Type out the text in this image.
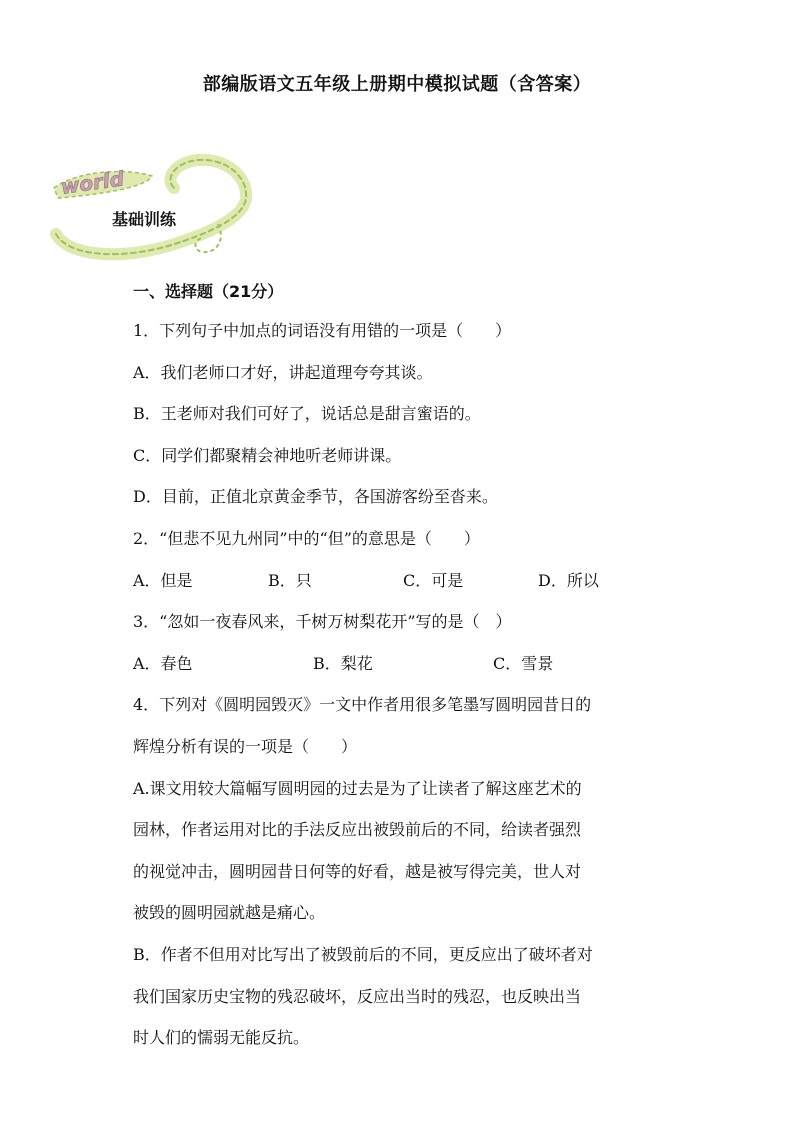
部编版语文五年级上册期中模拟试题（含答案）
world
基础训练
一、选择题（21分）
1．下列句子中加点的词语没有用错的一项是（　　）
A．我们老师口才好，讲起道理夸夸其谈。
B．王老师对我们可好了，说话总是甜言蜜语的。
C．同学们都聚精会神地听老师讲课。
D．目前，正值北京黄金季节，各国游客纷至沓来。
2．“但悲不见九州同”中的“但”的意思是（　　）
A．但是	B．只	C．可是	D．所以
3．“忽如一夜春风来，千树万树梨花开”写的是（　）
A．春色	B．梨花	C．雪景
4．下列对《圆明园毁灭》一文中作者用很多笔墨写圆明园昔日的
辉煌分析有误的一项是（　　）
A.课文用较大篇幅写圆明园的过去是为了让读者了解这座艺术的
园林，作者运用对比的手法反应出被毁前后的不同，给读者强烈
的视觉冲击，圆明园昔日何等的好看，越是被写得完美，世人对
被毁的圆明园就越是痛心。
B．作者不但用对比写出了被毁前后的不同，更反应出了破坏者对
我们国家历史宝物的残忍破坏，反应出当时的残忍，也反映出当
时人们的懦弱无能反抗。
